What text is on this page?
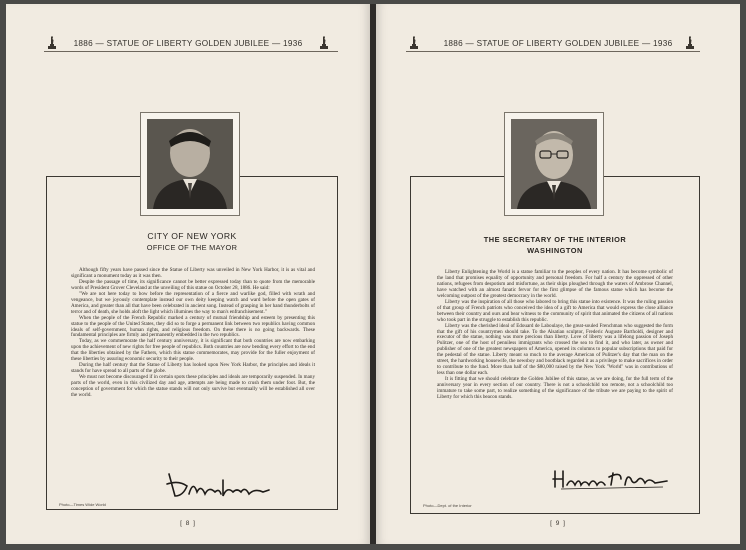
1886 — STATUE OF LIBERTY GOLDEN JUBILEE — 1936
CITY OF NEW YORK
OFFICE OF THE MAYOR

Although fifty years have passed since the Statue of Liberty was unveiled in New York Harbor, it is as vital and significant a monument today as it was then.

Despite the passage of time, its significance cannot be better expressed today than to quote from the memorable words of President Grover Cleveland at the unveiling of this statue on October 28, 1886. He said:

"We are not here today to bow before the representation of a fierce and warlike god, filled with wrath and vengeance, but we joyously contemplate instead our own deity keeping watch and ward before the open gates of America, and greater than all that have been celebrated in ancient song. Instead of grasping in her hand thunderbolts of terror and of death, she holds aloft the light which illumines the way to man's enfranchisement."

When the people of the French Republic marked a century of mutual friendship and esteem by presenting this statue to the people of the United States, they did so to forge a permanent link between two republics having common ideals of self-government, human rights, and religious freedom. On these there is no going backwards. These fundamental principles are firmly and permanently embedded in the two republics.

Today, as we commemorate the half century anniversary, it is significant that both countries are now embarking upon the achievement of new rights for free people of republics. Both countries are now bending every effort to the end that the liberties obtained by the Fathers, which this statue commemorates, may provide for the fuller enjoyment of these liberties by assuring economic security to their people.

During the half century that the Statue of Liberty has looked upon New York Harbor, the principles and ideals it stands for have spread to all parts of the globe.

We must not become discouraged if in certain spots these principles and ideals are temporarily suspended. In many parts of the world, even in this civilized day and age, attempts are being made to crush them under foot. But, the conception of government for which the statue stands will not only survive but eventually will be established all over the world.

Photo—Times Wide World
[ 8 ]
1886 — STATUE OF LIBERTY GOLDEN JUBILEE — 1936
THE SECRETARY OF THE INTERIOR
WASHINGTON

Liberty Enlightening the World is a statue familiar to the peoples of every nation. It has become symbolic of the land that promises equality of opportunity and personal freedom. For half a century the oppressed of other nations, refugees from despotism and misfortune, as their ships ploughed through the waters of Ambrose Channel, have watched with an almost fanatic fervor for the first glimpse of the famous statue which has become the welcoming outpost of the greatest democracy in the world.

Liberty was the inspiration of all those who labored to bring this statue into existence. It was the ruling passion of that group of French patriots who conceived the idea of a gift to America that would express the close alliance between their country and ours and bear witness to the community of spirit that animated the citizens of all nations who took part in the struggle to establish this republic.

Liberty was the cherished ideal of Edouard de Laboulaye, the great-souled Frenchman who suggested the form that the gift of his countrymen should take. To the Alsatian sculptor, Frederic Auguste Bartholdi, designer and executor of the statue, nothing was more precious than liberty. Love of liberty was a lifelong passion of Joseph Pulitzer, one of the host of penniless immigrants who crossed the sea to find it, and who later, as owner and publisher of one of the greatest newspapers of America, opened its columns to popular subscriptions that paid for the pedestal of the statue. Liberty meant so much to the average American of Pulitzer's day that the man on the street, the hardworking housewife, the newsboy and bootblack regarded it as a privilege to make sacrifices in order to contribute to the fund. More than half of the $80,000 raised by the New York "World" was in contributions of less than one dollar each.

It is fitting that we should celebrate the Golden Jubilee of this statue, as we are doing, for the full term of the anniversary year in every section of our country. There is not a schoolchild too remote, not a schoolchild too immature to take some part, to realize something of the significance of the tribute we are paying to the spirit of Liberty for which this beacon stands.

Photo—Dept. of the Interior
[ 9 ]
